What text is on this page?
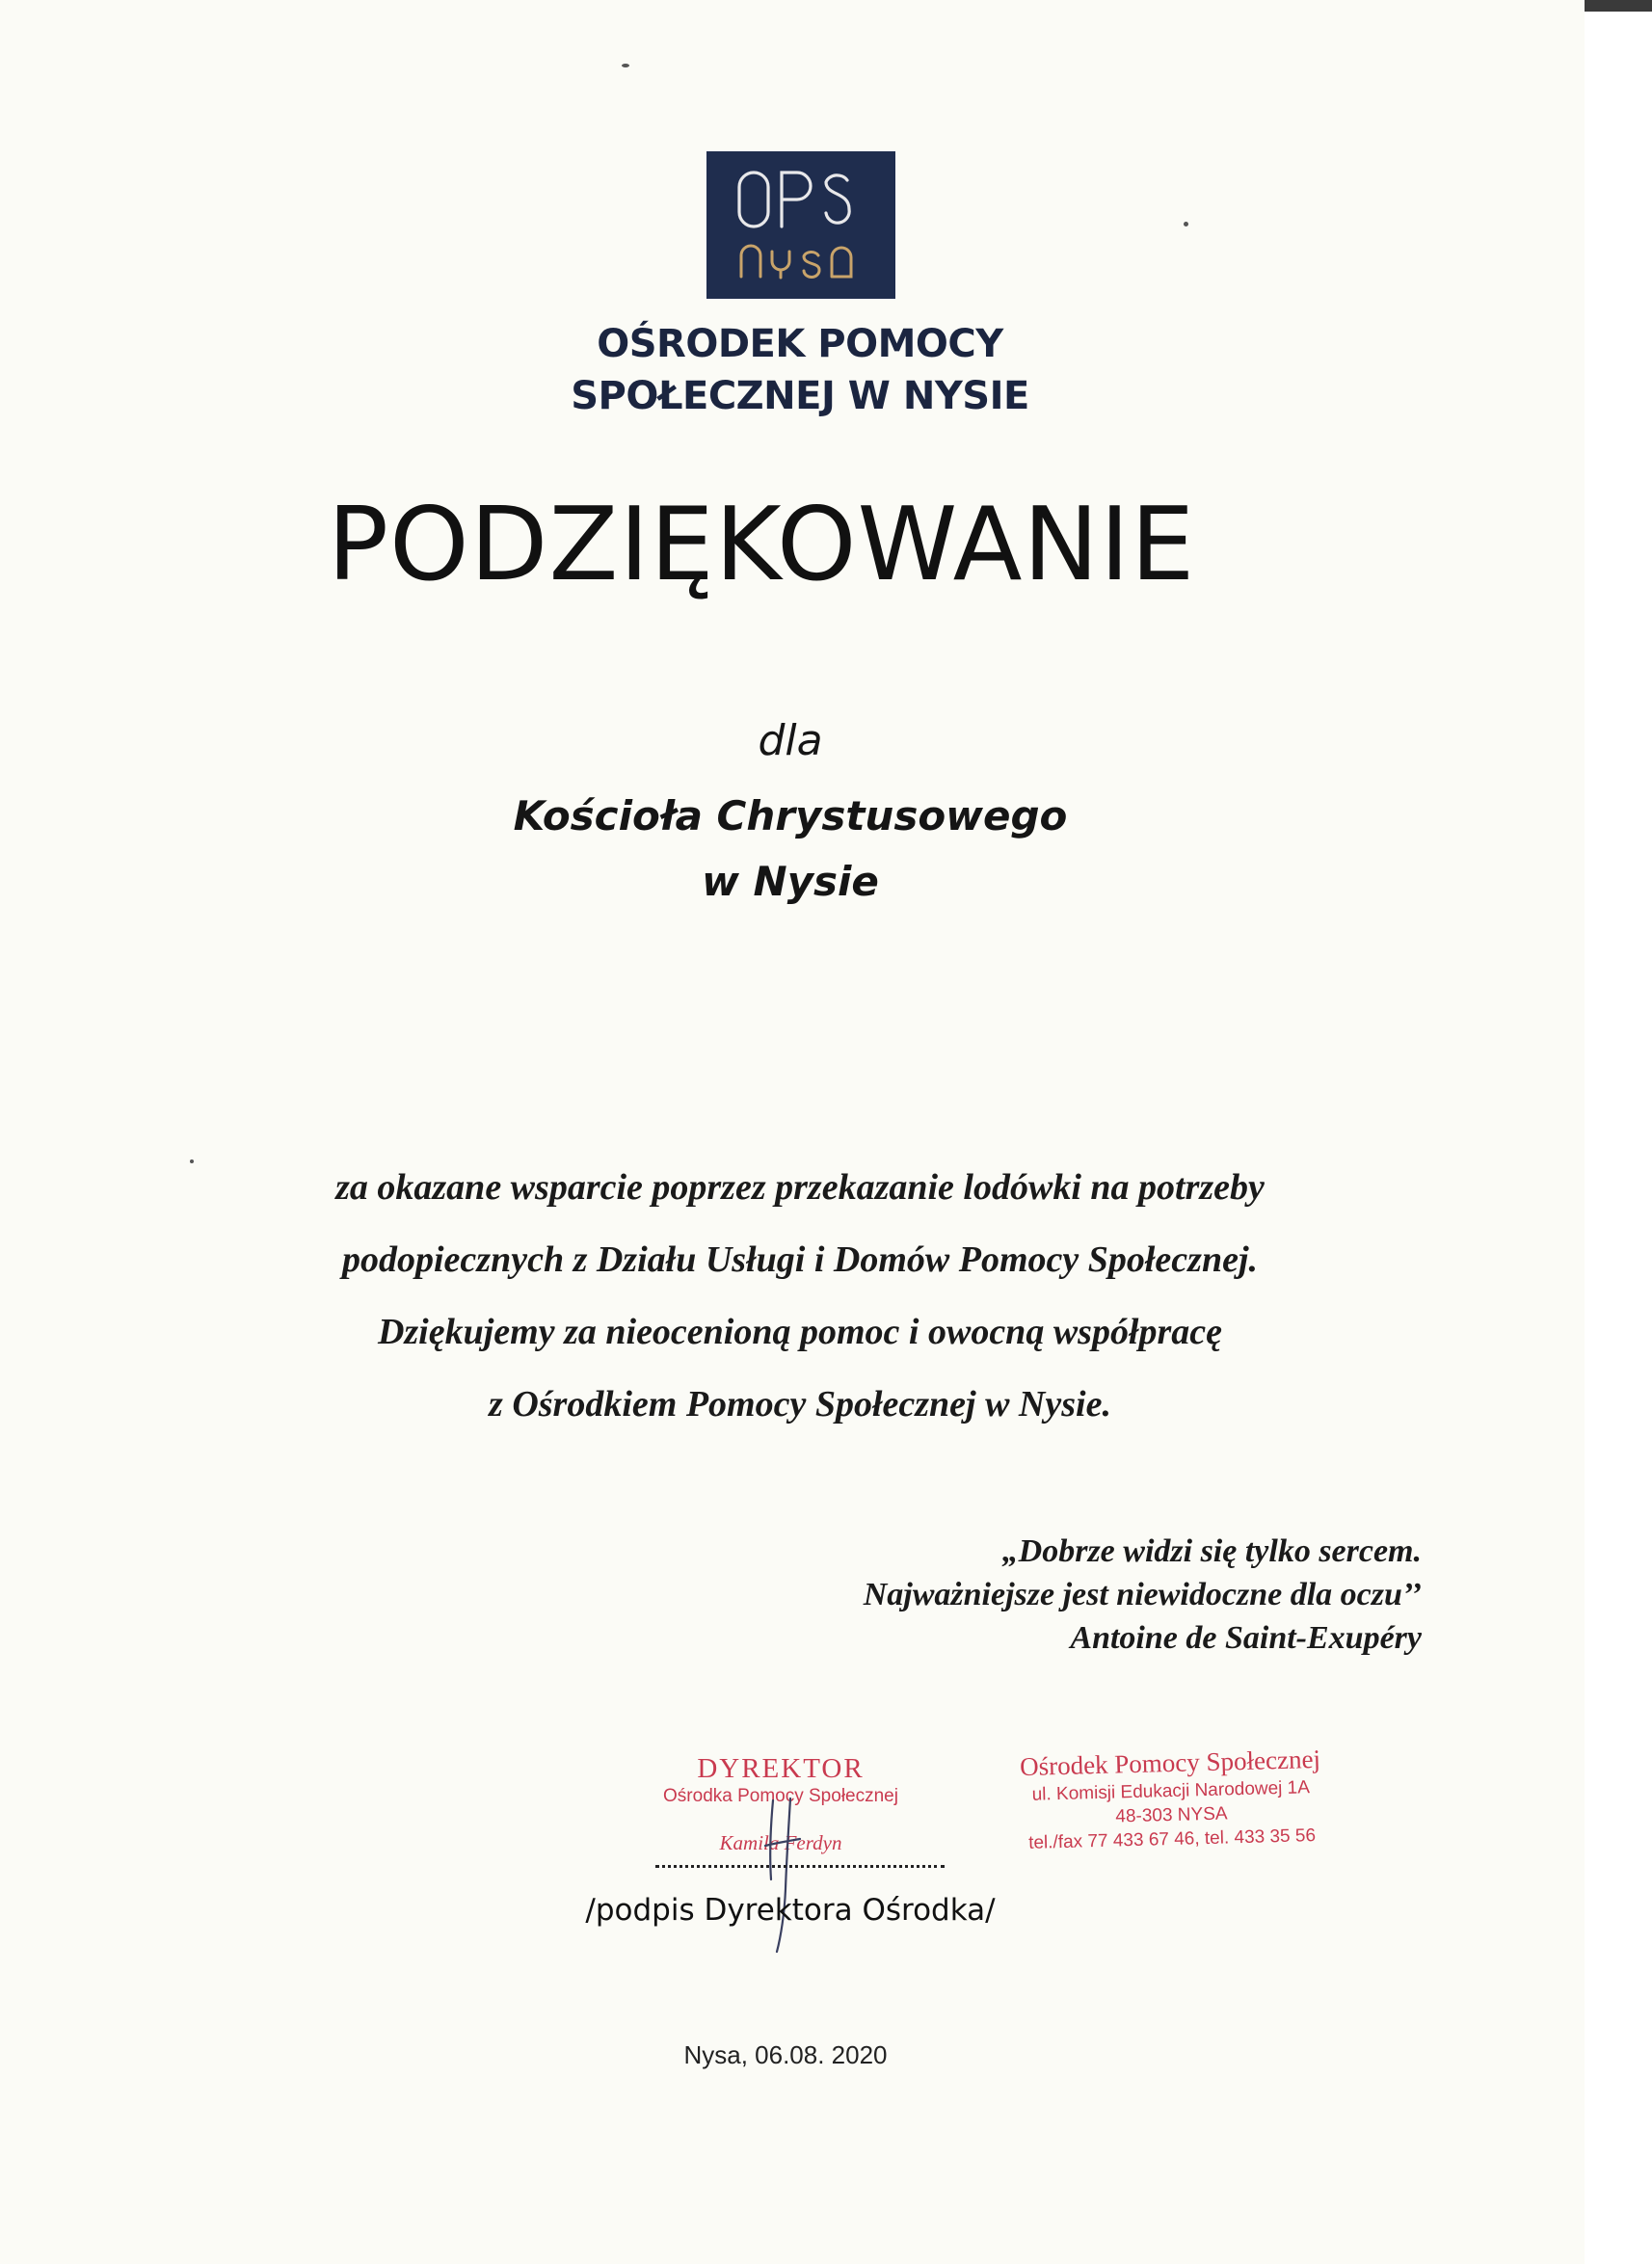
OŚRODEK POMOCY
SPOŁECZNEJ W NYSIE
PODZIĘKOWANIE
dla
Kościoła Chrystusowego
w Nysie
za okazane wsparcie poprzez przekazanie lodówki na potrzeby
podopiecznych z Działu Usługi i Domów Pomocy Społecznej.
Dziękujemy za nieocenioną pomoc i owocną współpracę
z Ośrodkiem Pomocy Społecznej w Nysie.
„Dobrze widzi się tylko sercem.
Najważniejsze jest niewidoczne dla oczu’’
Antoine de Saint-Exupéry
DYREKTOR
Ośrodka Pomocy Społecznej
Kamila Ferdyn
/podpis Dyrektora Ośrodka/
Ośrodek Pomocy Społecznej
ul. Komisji Edukacji Narodowej 1A
48-303 NYSA
tel./fax 77 433 67 46, tel. 433 35 56
Nysa, 06.08. 2020
